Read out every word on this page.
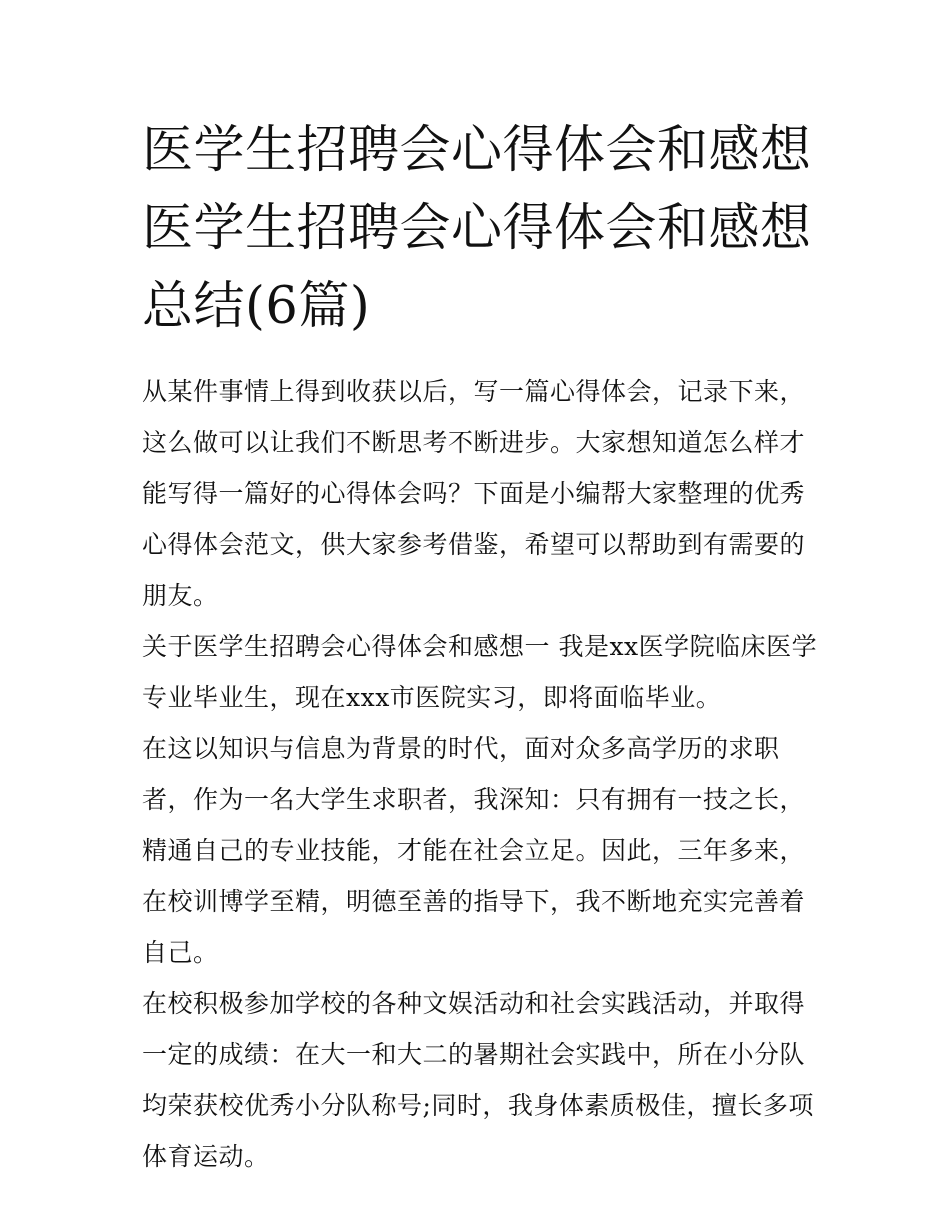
医学生招聘会心得体会和感想医学生招聘会心得体会和感想总结(6篇)

从某件事情上得到收获以后，写一篇心得体会，记录下来，这么做可以让我们不断思考不断进步。大家想知道怎么样才能写得一篇好的心得体会吗？下面是小编帮大家整理的优秀心得体会范文，供大家参考借鉴，希望可以帮助到有需要的朋友。

关于医学生招聘会心得体会和感想一 我是xx医学院临床医学专业毕业生，现在xxx市医院实习，即将面临毕业。

在这以知识与信息为背景的时代，面对众多高学历的求职者，作为一名大学生求职者，我深知：只有拥有一技之长，精通自己的专业技能，才能在社会立足。因此，三年多来，在校训博学至精，明德至善的指导下，我不断地充实完善着

自己。

在校积极参加学校的各种文娱活动和社会实践活动，并取得一定的成绩：在大一和大二的暑期社会实践中，所在小分队均荣获校优秀小分队称号;同时，我身体素质极佳，擅长多项体育运动。
